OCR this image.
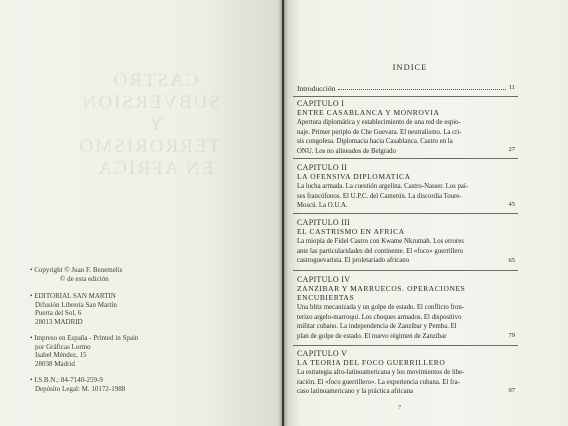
CASTRO
SUBVERSION
Y TERRORISMO
EN AFRICA
• Copyright © Juan F. Benemelis
© de esta edición
• EDITORIAL SAN MARTIN
Difusión Librería San Martín
Puerta del Sol, 6
28013 MADRID
• Impreso en España - Printed in Spain
por Gráficas Lormo
Isabel Méndez, 15
28038 Madrid
• I.S.B.N.: 84-7140-259-9
Depósito Legal: M. 10172-1988
INDICE
Introducción	11
CAPITULO I
ENTRE CASABLANCA Y MONROVIA
Apertura diplomática y establecimiento de una red de espio-
naje. Primer periplo de Che Guevara. El neutralismo. La cri-
sis congolesa. Diplomacia hacia Casablanca. Castro en la
ONU. Los no alineados de Belgrado	27
CAPITULO II
LA OFENSIVA DIPLOMATICA
La lucha armada. La cuestión argelina. Castro-Nasser. Los paí-
ses francófonos. El U.P.C. del Camerún. La discordia Toure-
Moscú. La O.U.A.	45
CAPITULO III
EL CASTRISMO EN AFRICA
La miopía de Fidel Castro con Kwame Nkrumah. Los errores
ante las particularidades del continente. El «foco» guerrillero
castroguevarista. El proletariado africano	65
CAPITULO IV
ZANZIBAR Y MARRUECOS. OPERACIONES ENCUBIERTAS
Una blitz mecanizada y un golpe de estado. El conflicto fron-
terizo argelo-marroquí. Los choques armados. El dispositivo
militar cubano. La independencia de Zanzíbar y Pemba. El
plan de golpe de estado. El nuevo régimen de Zanzíbar	79
CAPITULO V
LA TEORIA DEL FOCO GUERRILLERO
La estrategia afro-latinoamericana y los movimientos de libe-
ración. El «foco guerrillero». La experiencia cubana. El fra-
caso latinoamericano y la práctica africana	97
7
